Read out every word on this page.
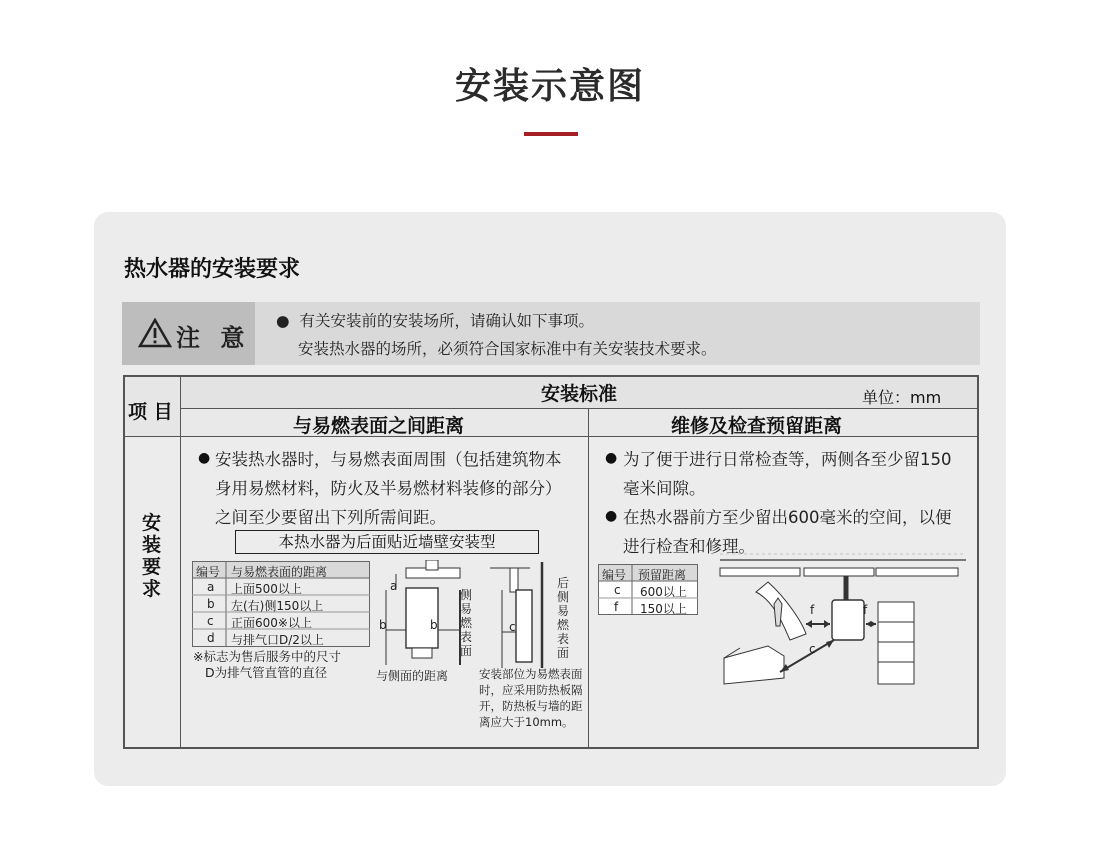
安装示意图
热水器的安装要求
注 意
● 有关安装前的安装场所，请确认如下事项。
安装热水器的场所，必须符合国家标准中有关安装技术要求。
项 目
安装标准	单位：mm
与易燃表面之间距离	维修及检查预留距离
安装要求
● 安装热水器时，与易燃表面周围（包括建筑物本身用易燃材料，防火及半易燃材料装修的部分）之间至少要留出下列所需间距。
本热水器为后面贴近墙壁安装型
编号 与易燃表面的距离
a 上面500以上
b 左(右)侧150以上
c 正面600※以上
d 与排气口D/2以上
※标志为售后服务中的尺寸
D为排气管直管的直径
a
b	b
侧易燃表面
与侧面的距离
c
后侧易燃表面
安装部位为易燃表面时，应采用防热板隔开，防热板与墙的距离应大于10mm。
● 为了便于进行日常检查等，两侧各至少留150毫米间隙。
● 在热水器前方至少留出600毫米的空间，以便进行检查和修理。
编号 预留距离
c 600以上
f 150以上	f	f
c
